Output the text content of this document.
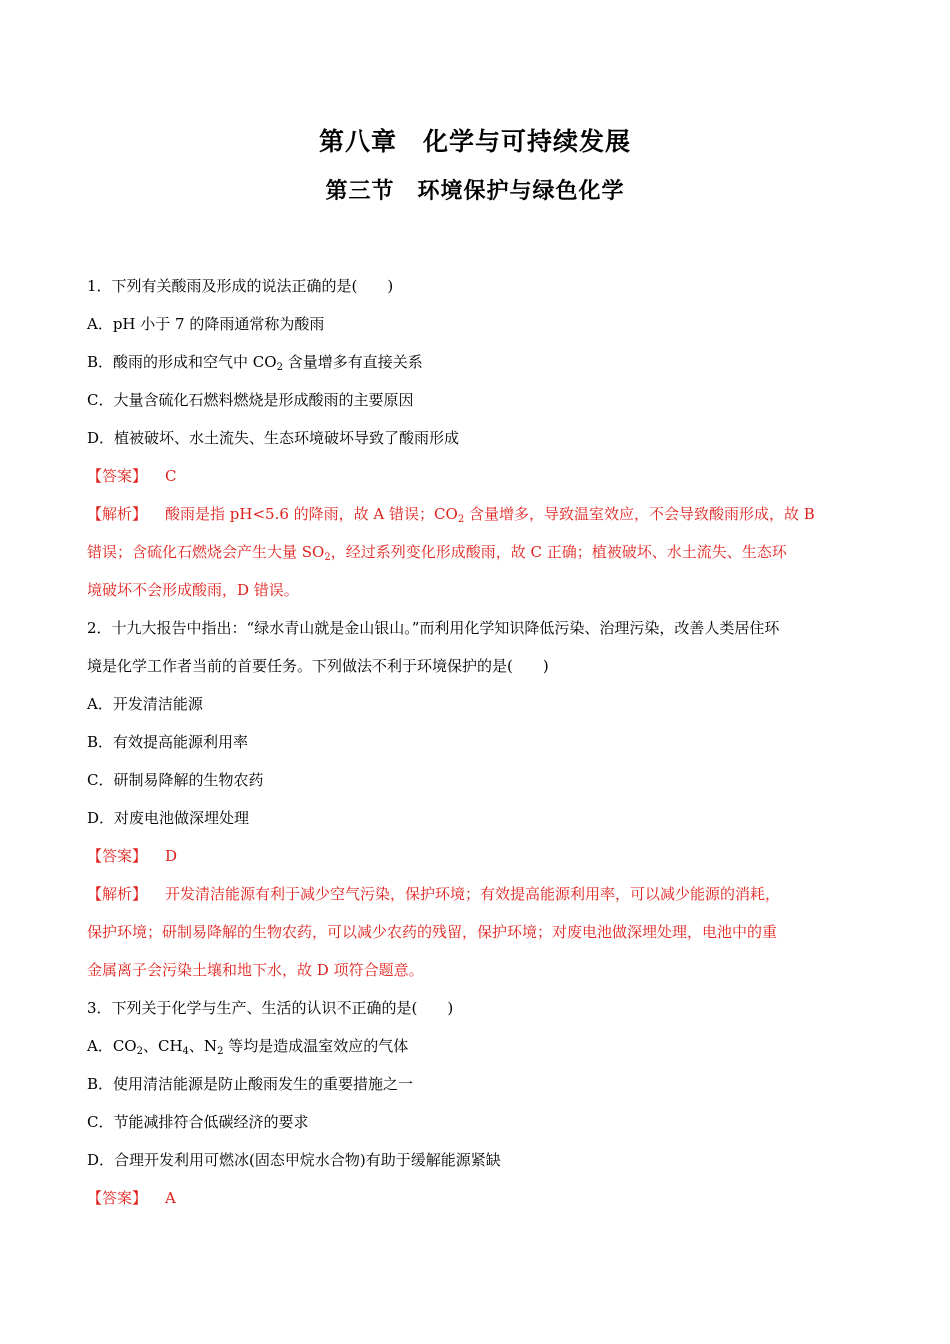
第八章　化学与可持续发展
第三节　环境保护与绿色化学
1．下列有关酸雨及形成的说法正确的是(　　)
A．pH 小于 7 的降雨通常称为酸雨
B．酸雨的形成和空气中 $CO_2$ 含量增多有直接关系
C．大量含硫化石燃料燃烧是形成酸雨的主要原因
D．植被破坏、水土流失、生态环境破坏导致了酸雨形成
【答案】 C
【解析】 酸雨是指 pH<5.6 的降雨，故 A 错误；$CO_2$ 含量增多，导致温室效应，不会导致酸雨形成，故 B
错误；含硫化石燃烧会产生大量 $SO_2$，经过系列变化形成酸雨，故 C 正确；植被破坏、水土流失、生态环
境破坏不会形成酸雨，D 错误。
2．十九大报告中指出：“绿水青山就是金山银山。”而利用化学知识降低污染、治理污染，改善人类居住环
境是化学工作者当前的首要任务。下列做法不利于环境保护的是(　　)
A．开发清洁能源
B．有效提高能源利用率
C．研制易降解的生物农药
D．对废电池做深埋处理
【答案】 D
【解析】 开发清洁能源有利于减少空气污染，保护环境；有效提高能源利用率，可以减少能源的消耗，
保护环境；研制易降解的生物农药，可以减少农药的残留，保护环境；对废电池做深埋处理，电池中的重
金属离子会污染土壤和地下水，故 D 项符合题意。
3．下列关于化学与生产、生活的认识不正确的是(　　)
A．$CO_2$、$CH_4$、$N_2$ 等均是造成温室效应的气体
B．使用清洁能源是防止酸雨发生的重要措施之一
C．节能减排符合低碳经济的要求
D．合理开发利用可燃冰(固态甲烷水合物)有助于缓解能源紧缺
【答案】 A
